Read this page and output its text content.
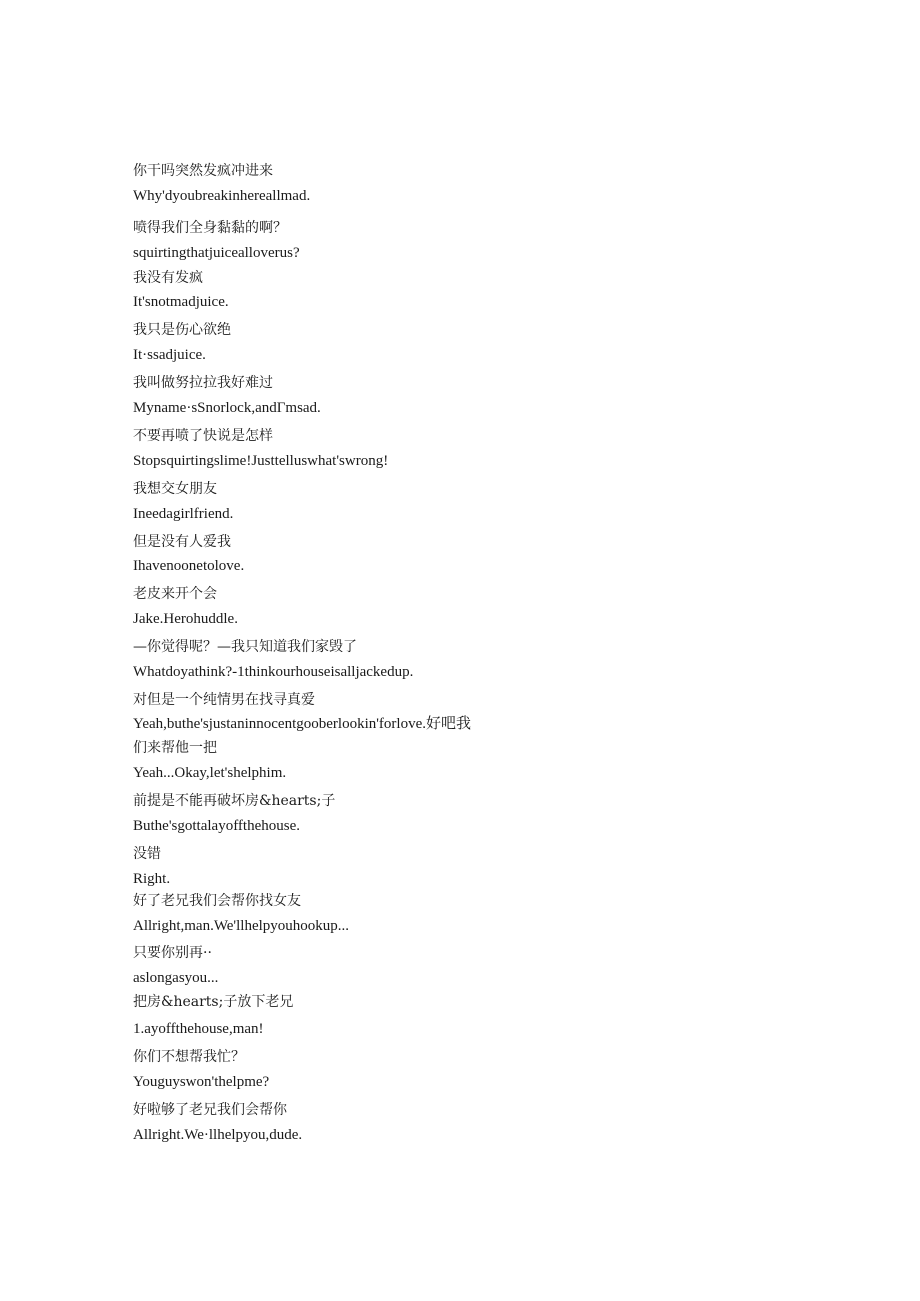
你干吗突然发疯冲进来
Why'dyoubreakinhereallmad.
喷得我们全身黏黏的啊？
squirtingthatjuicealloverus?
我没有发疯
It'snotmadjuice.
我只是伤心欲绝
It·ssadjuice.
我叫做努拉拉我好难过
Myname·sSnorlock,andΓmsad.
不要再喷了快说是怎样
Stopsquirtingslime!Justtelluswhat'swrong!
我想交女朋友
Ineedagirlfriend.
但是没有人爱我
Ihavenoonetolove.
老皮来开个会
Jake.Herohuddle.
—你觉得呢？—我只知道我们家毁了
Whatdoyathink?-1thinkourhouseisalljackedup.
对但是一个纯情男在找寻真爱
Yeah,buthe'sjustaninnocentgooberlookin'forlove.好吧我
们来帮他一把
Yeah...Okay,let'shelphim.
前提是不能再破坏房&hearts;子
Buthe'sgottalayoffthehouse.
没错
Right.
好了老兄我们会帮你找女友
Allright,man.We'llhelpyouhookup...
只要你别再··
aslongasyou...
把房&hearts;子放下老兄
1.ayoffthehouse,man!
你们不想帮我忙？
Youguyswon'thelpme?
好啦够了老兄我们会帮你
Allright.We·llhelpyou,dude.
